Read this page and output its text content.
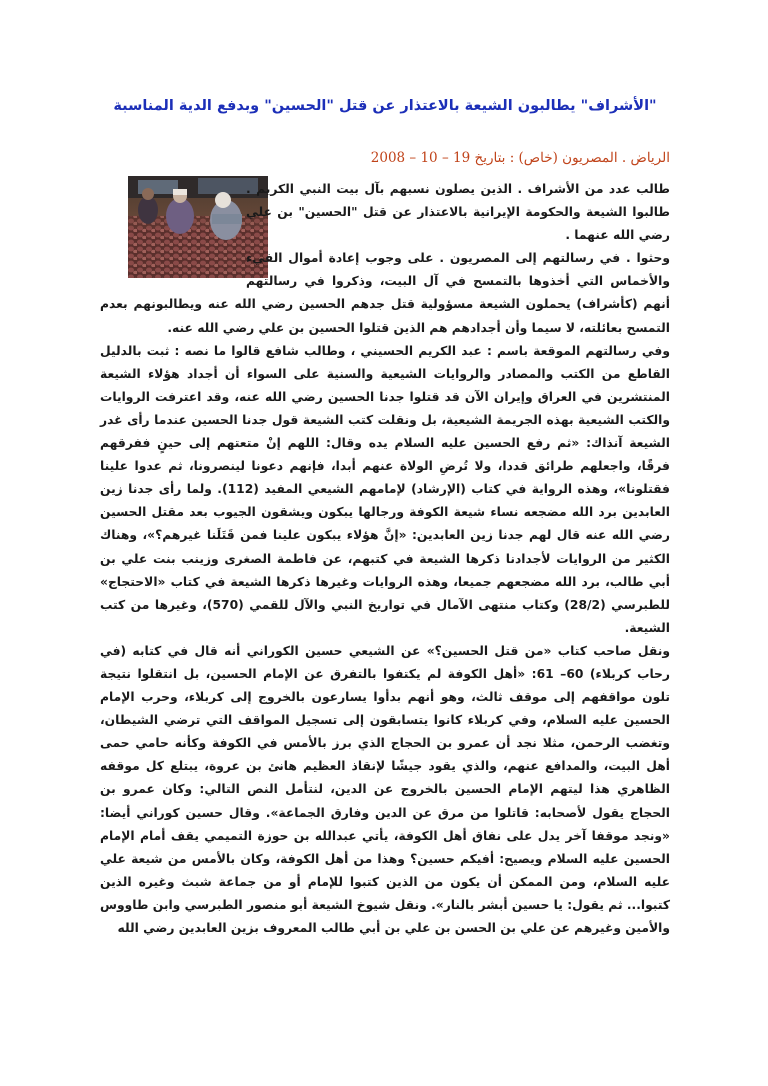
"الأشراف" يطالبون الشيعة بالاعتذار عن قتل "الحسين" وبدفع الدية المناسبة
الرياض . المصريون (خاص) : بتاريخ 19 – 10 – 2008

طالب عدد من الأشراف . الذين يصلون نسبهم بآل بيت النبي الكريم . طالبوا الشيعة والحكومة الإيرانية بالاعتذار عن قتل "الحسين" بن علي رضي الله عنهما .

وحثوا . في رسالتهم إلى المصريون . على وجوب إعادة أموال الفيء والأخماس التي أخذوها بالتمسح في آل البيت، وذكروا في رسالتهم أنهم (كأشراف) يحملون الشيعة مسؤولية قتل جدهم الحسين رضي الله عنه ويطالبونهم بعدم التمسح بعائلته، لا سيما وأن أجدادهم هم الذين قتلوا الحسين بن علي رضي الله عنه.

وفي رسالتهم الموقعة باسم : عبد الكريم الحسيني ، وطالب شافع قالوا ما نصه : ثبت بالدليل القاطع من الكتب والمصادر والروايات الشيعية والسنية على السواء أن أجداد هؤلاء الشيعة المنتشرين في العراق وإيران الآن قد قتلوا جدنا الحسين رضي الله عنه، وقد اعترفت الروايات والكتب الشيعية بهذه الجريمة الشيعية، بل ونقلت كتب الشيعة قول جدنا الحسين عندما رأى غدر الشيعة آنذاك: «ثم رفع الحسين عليه السلام يده وقال: اللهم إنْ متعتهم إلى حينٍ ففرقهم فرقًا، واجعلهم طرائق قددا، ولا تُرضِ الولاة عنهم أبدا، فإنهم دعونا لينصرونا، ثم عدوا علينا فقتلونا»، وهذه الرواية في كتاب (الإرشاد) لإمامهم الشيعي المفيد (112). ولما رأى جدنا زين العابدين برد الله مضجعه نساء شيعة الكوفة ورجالها يبكون ويشقون الجيوب بعد مقتل الحسين رضي الله عنه قال لهم جدنا زين العابدين: «إنَّ هؤلاء يبكون علينا فمن قَتَلَنا غيرهم؟»، وهناك الكثير من الروايات لأجدادنا ذكرها الشيعة في كتبهم، عن فاطمة الصغرى وزينب بنت علي بن أبي طالب، برد الله مضجعهم جميعا، وهذه الروايات وغيرها ذكرها الشيعة في كتاب «الاحتجاج» للطبرسي (28/2) وكتاب منتهى الآمال في تواريخ النبي والآل للقمي (570)، وغيرها من كتب الشيعة.

ونقل صاحب كتاب «من قتل الحسين؟» عن الشيعي حسين الكوراني أنه قال في كتابه (في رحاب كربلاء) 60– 61: «أهل الكوفة لم يكتفوا بالتفرق عن الإمام الحسين، بل انتقلوا نتيجة تلون مواقفهم إلى موقف ثالث، وهو أنهم بدأوا يسارعون بالخروج إلى كربلاء، وحرب الإمام الحسين عليه السلام، وفي كربلاء كانوا يتسابقون إلى تسجيل المواقف التي ترضي الشيطان، وتغضب الرحمن، مثلا نجد أن عمرو بن الحجاج الذي برز بالأمس في الكوفة وكأنه حامي حمى أهل البيت، والمدافع عنهم، والذي يقود جيشًا لإنقاذ العظيم هانئ بن عروة، يبتلع كل موقفه الظاهري هذا ليتهم الإمام الحسين بالخروج عن الدين، لنتأمل النص التالي: وكان عمرو بن الحجاج يقول لأصحابه: قاتلوا من مرق عن الدين وفارق الجماعة». وقال حسين كوراني أيضا: «ونجد موقفا آخر يدل على نفاق أهل الكوفة، يأتي عبدالله بن حوزة التميمي يقف أمام الإمام الحسين عليه السلام ويصيح: أفيكم حسين؟ وهذا من أهل الكوفة، وكان بالأمس من شيعة علي عليه السلام، ومن الممكن أن يكون من الذين كتبوا للإمام أو من جماعة شبث وغيره الذين كتبوا... ثم يقول: يا حسين أبشر بالنار». ونقل شيوخ الشيعة أبو منصور الطبرسي وابن طاووس والأمين وغيرهم عن علي بن الحسن بن علي بن أبي طالب المعروف بزين العابدين رضي الله
